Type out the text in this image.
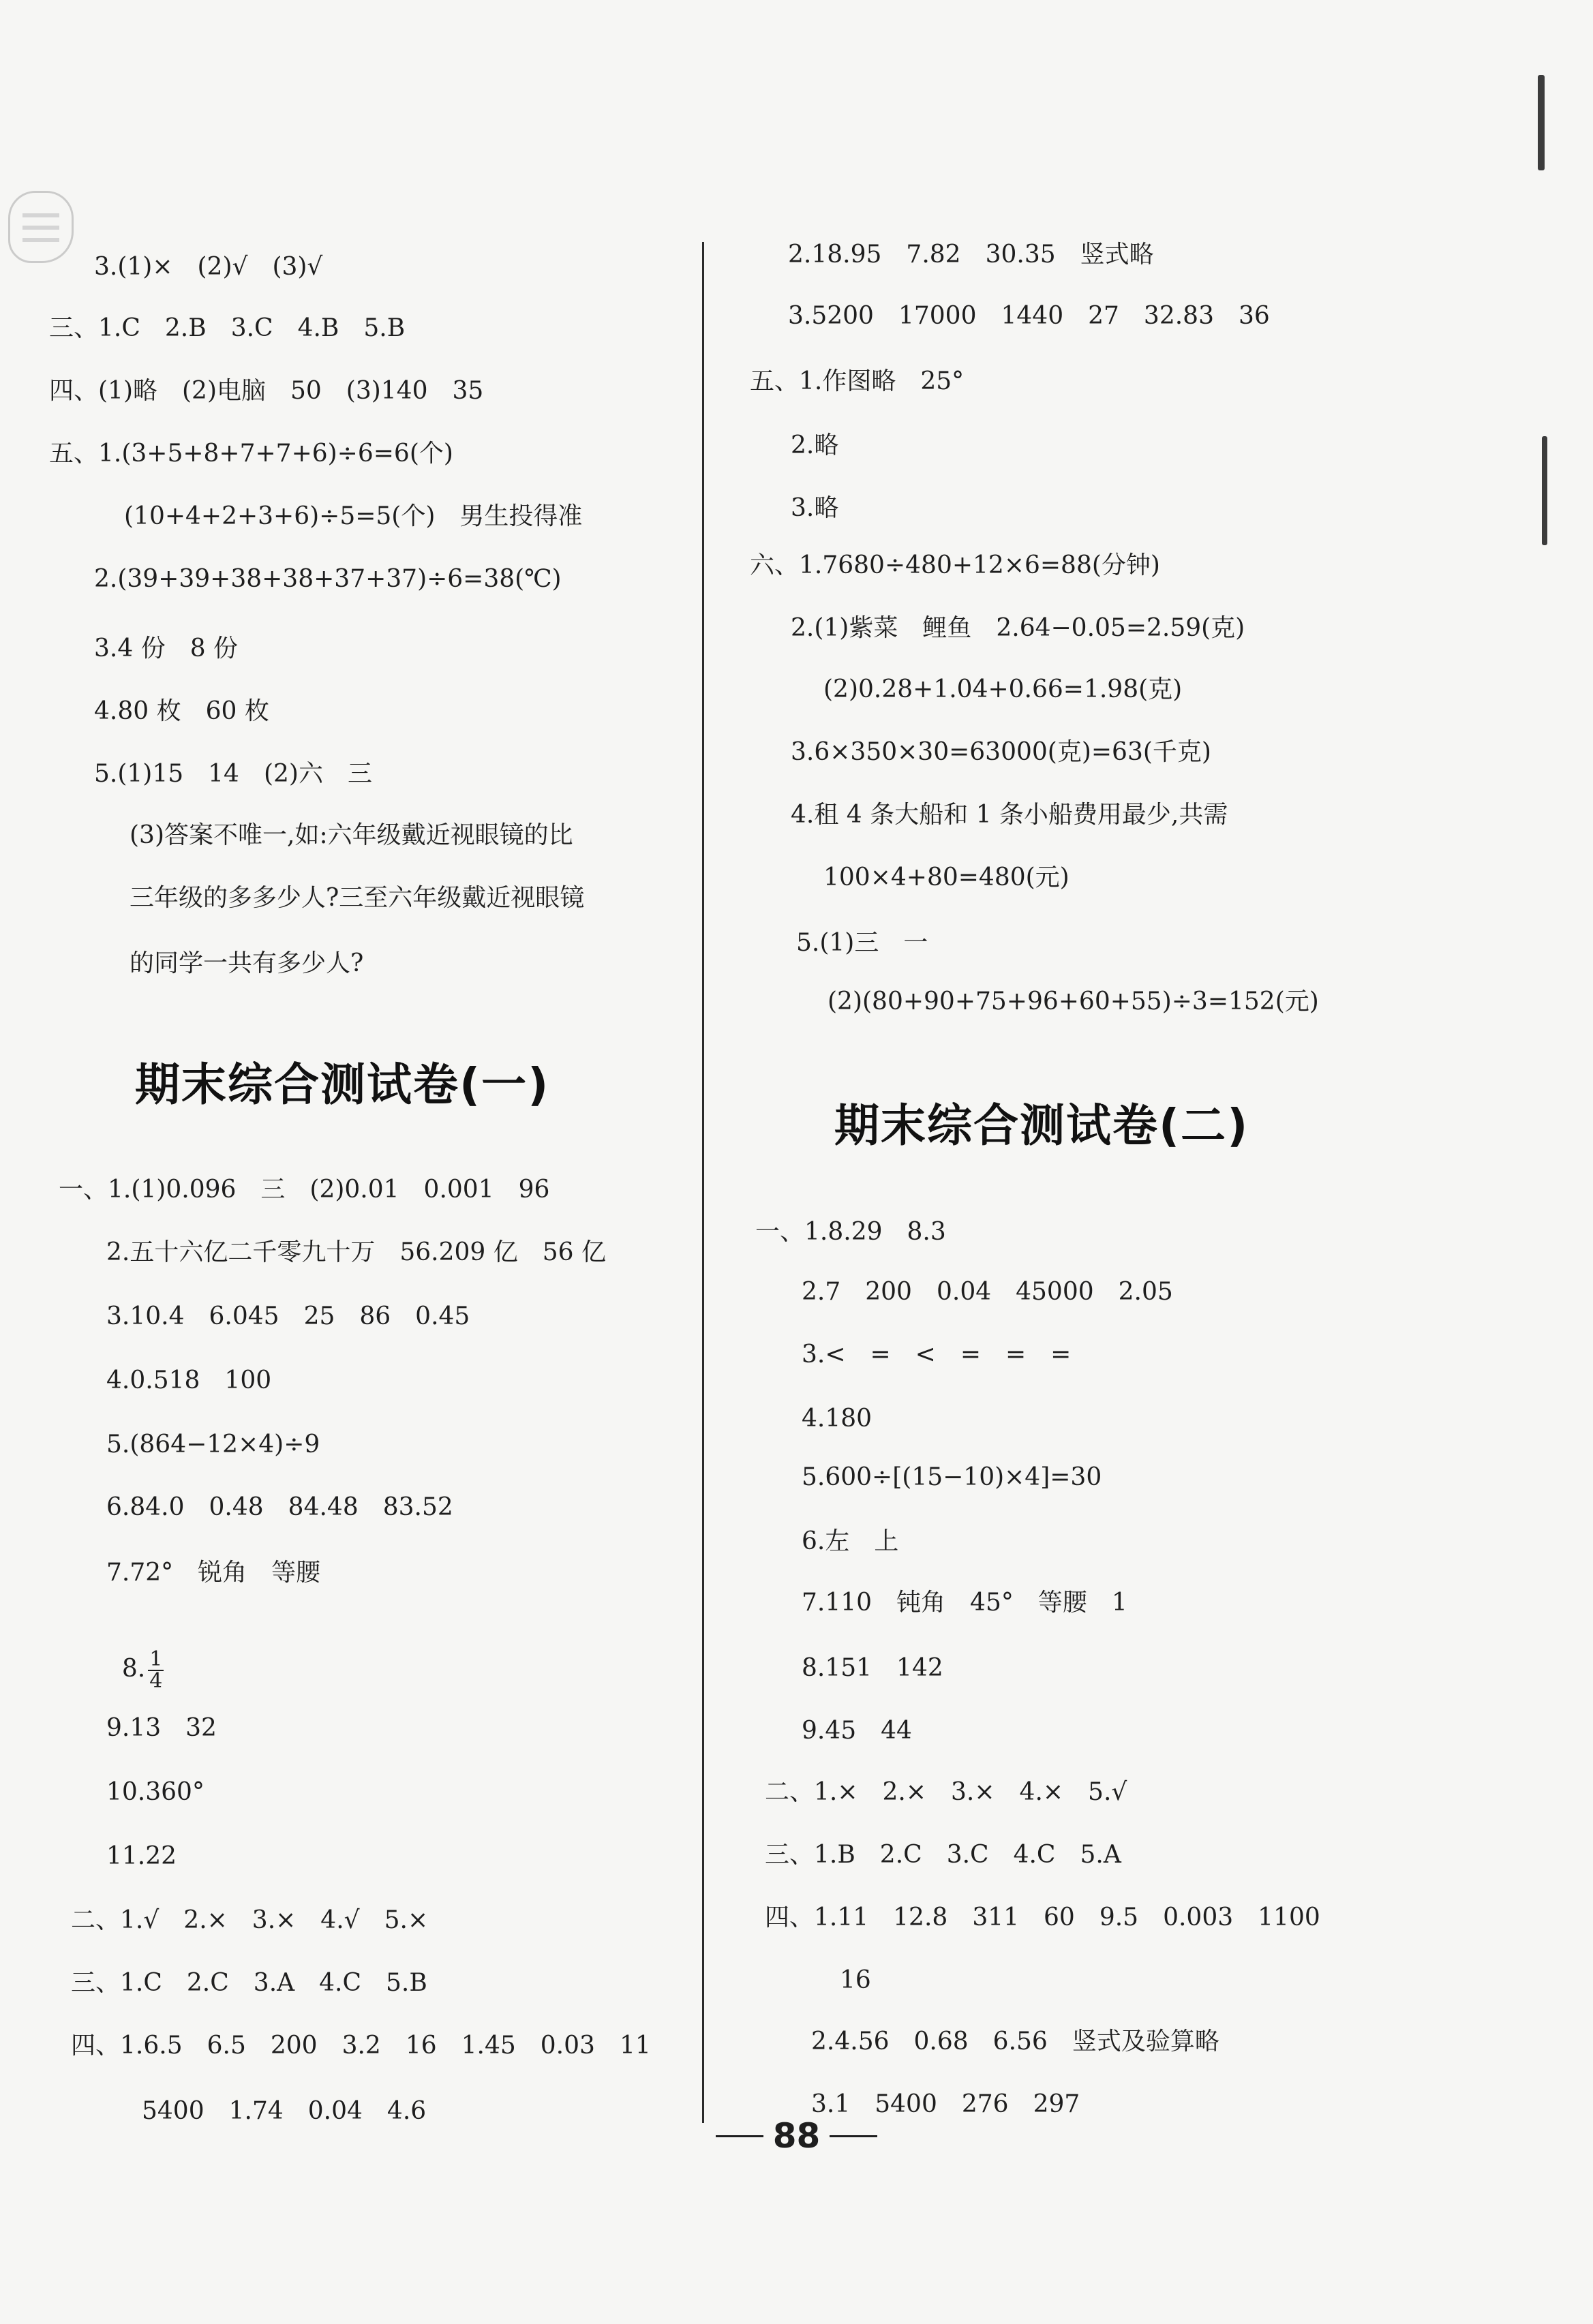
3.(1)×　(2)√　(3)√
三、1.C　2.B　3.C　4.B　5.B
四、(1)略　(2)电脑　50　(3)140　35
五、1.(3+5+8+7+7+6)÷6=6(个)
(10+4+2+3+6)÷5=5(个)　男生投得准
2.(39+39+38+38+37+37)÷6=38(℃)
3.4 份　8 份
4.80 枚　60 枚
5.(1)15　14　(2)六　三
(3)答案不唯一,如:六年级戴近视眼镜的比
三年级的多多少人?三至六年级戴近视眼镜
的同学一共有多少人?
期末综合测试卷(一)
一、1.(1)0.096　三　(2)0.01　0.001　96
2.五十六亿二千零九十万　56.209 亿　56 亿
3.10.4　6.045　25　86　0.45
4.0.518　100
5.(864−12×4)÷9
6.84.0　0.48　84.48　83.52
7.72°　锐角　等腰

8. $\frac{1}{4}$

9.13　32
10.360°
11.22
二、1.√　2.×　3.×　4.√　5.×
三、1.C　2.C　3.A　4.C　5.B
四、1.6.5　6.5　200　3.2　16　1.45　0.03　11
5400　1.74　0.04　4.6
2.18.95　7.82　30.35　竖式略
3.5200　17000　1440　27　32.83　36
五、1.作图略　25°
2.略
3.略
六、1.7680÷480+12×6=88(分钟)
2.(1)紫菜　鲤鱼　2.64−0.05=2.59(克)
(2)0.28+1.04+0.66=1.98(克)
3.6×350×30=63000(克)=63(千克)
4.租 4 条大船和 1 条小船费用最少,共需
100×4+80=480(元)
5.(1)三　一
(2)(80+90+75+96+60+55)÷3=152(元)
期末综合测试卷(二)
一、1.8.29　8.3
2.7　200　0.04　45000　2.05
3.<　=　<　=　=　=
4.180
5.600÷[(15−10)×4]=30
6.左　上
7.110　钝角　45°　等腰　1
8.151　142
9.45　44
二、1.×　2.×　3.×　4.×　5.√
三、1.B　2.C　3.C　4.C　5.A
四、1.11　12.8　311　60　9.5　0.003　1100
16
2.4.56　0.68　6.56　竖式及验算略
3.1　5400　276　297
88
